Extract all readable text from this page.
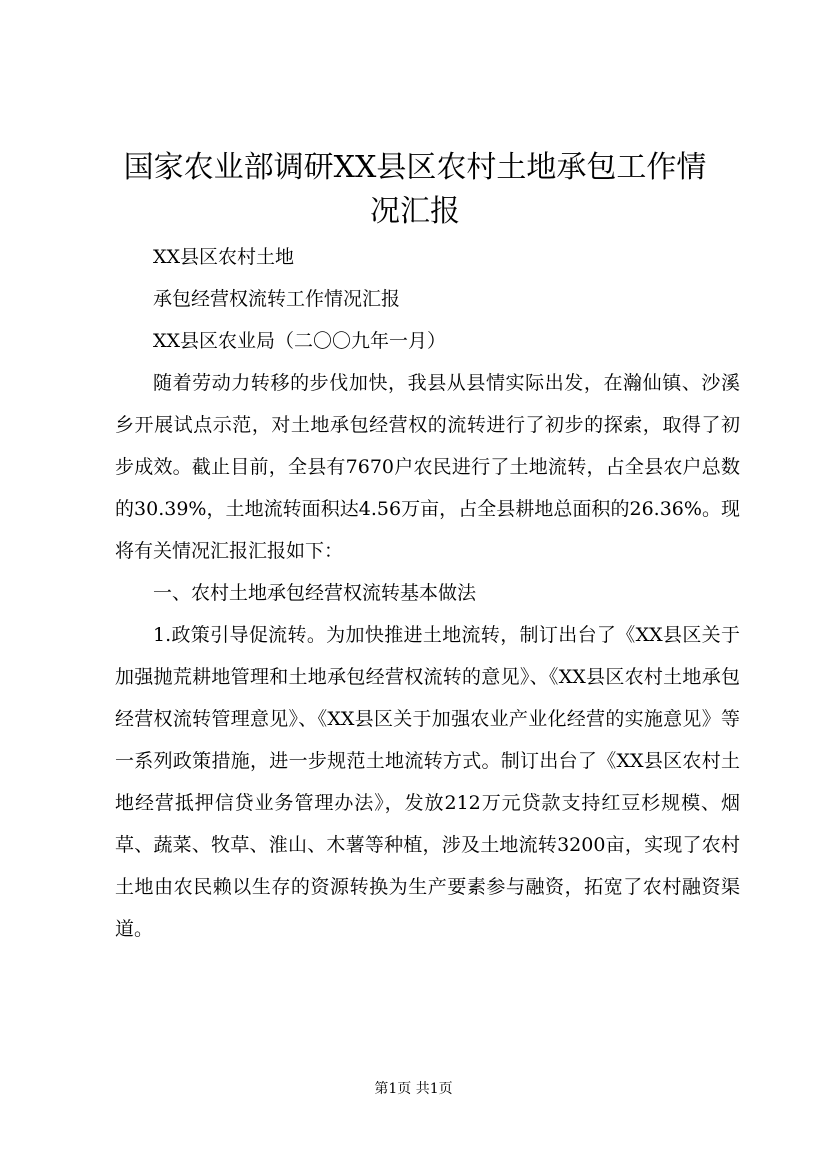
国家农业部调研XX县区农村土地承包工作情况汇报

XX县区农村土地

承包经营权流转工作情况汇报

XX县区农业局（二〇〇九年一月）

随着劳动力转移的步伐加快，我县从县情实际出发，在瀚仙镇、沙溪乡开展试点示范，对土地承包经营权的流转进行了初步的探索，取得了初步成效。截止目前，全县有7670户农民进行了土地流转，占全县农户总数的30.39%，土地流转面积达4.56万亩，占全县耕地总面积的26.36%。现将有关情况汇报汇报如下：

一、农村土地承包经营权流转基本做法

1.政策引导促流转。为加快推进土地流转，制订出台了《XX县区关于加强抛荒耕地管理和土地承包经营权流转的意见》、《XX县区农村土地承包经营权流转管理意见》、《XX县区关于加强农业产业化经营的实施意见》等一系列政策措施，进一步规范土地流转方式。制订出台了《XX县区农村土地经营抵押信贷业务管理办法》，发放212万元贷款支持红豆杉规模、烟草、蔬菜、牧草、淮山、木薯等种植，涉及土地流转3200亩，实现了农村土地由农民赖以生存的资源转换为生产要素参与融资，拓宽了农村融资渠道。

第1页 共1页
